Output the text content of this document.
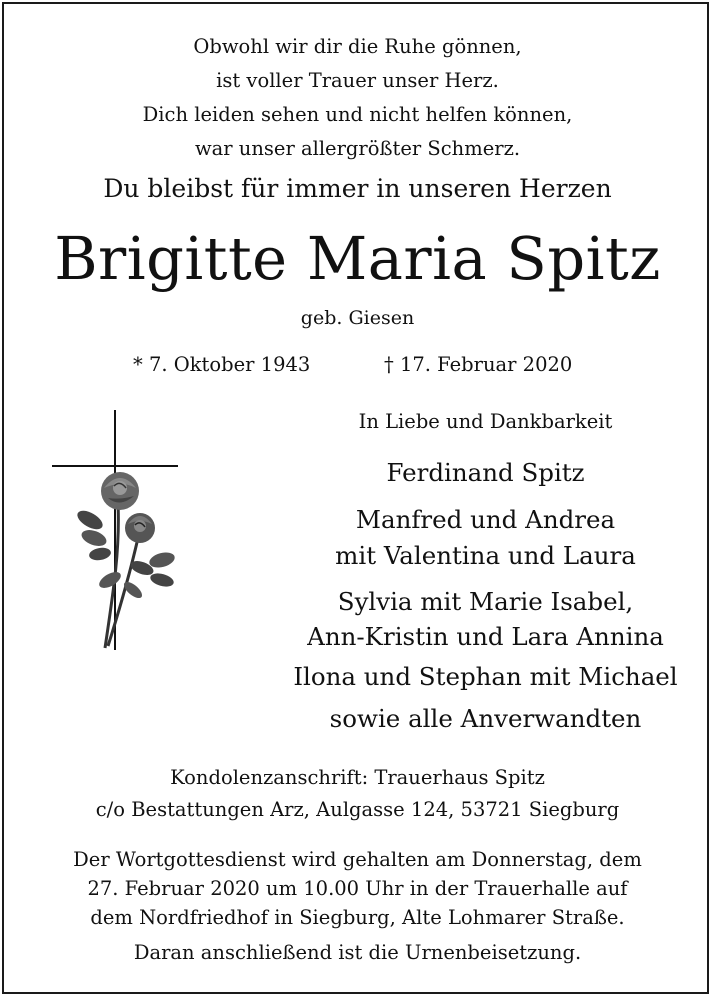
Obwohl wir dir die Ruhe gönnen,
ist voller Trauer unser Herz.
Dich leiden sehen und nicht helfen können,
war unser allergrößter Schmerz.
Du bleibst für immer in unseren Herzen
Brigitte Maria Spitz
geb. Giesen
* 7. Oktober 1943	† 17. Februar 2020
In Liebe und Dankbarkeit
Ferdinand Spitz
Manfred und Andrea
mit Valentina und Laura
Sylvia mit Marie Isabel,
Ann-Kristin und Lara Annina
Ilona und Stephan mit Michael
sowie alle Anverwandten
Kondolenzanschrift: Trauerhaus Spitz
c/o Bestattungen Arz, Aulgasse 124, 53721 Siegburg
Der Wortgottesdienst wird gehalten am Donnerstag, dem
27. Februar 2020 um 10.00 Uhr in der Trauerhalle auf
dem Nordfriedhof in Siegburg, Alte Lohmarer Straße.
Daran anschließend ist die Urnenbeisetzung.
